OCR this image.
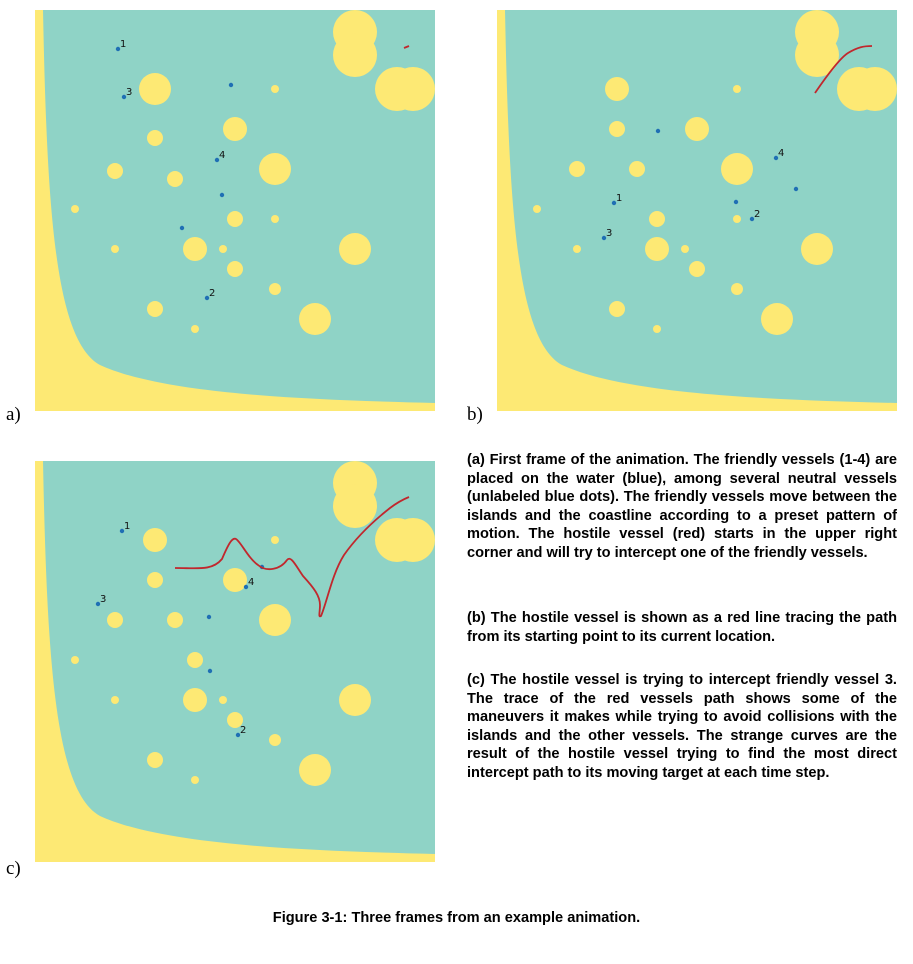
1
3
4
2
a)
1
3
4
2
b)
1
3
4
2
c)

(a) First frame of the animation. The friendly vessels (1-4) are placed on the water (blue), among several neutral vessels (unlabeled blue dots). The friendly vessels move between the islands and the coastline according to a preset pattern of motion. The hostile vessel (red) starts in the upper right corner and will try to intercept one of the friendly vessels.

(b) The hostile vessel is shown as a red line tracing the path from its starting point to its current location.

(c) The hostile vessel is trying to intercept friendly vessel 3. The trace of the red vessels path shows some of the maneuvers it makes while trying to avoid collisions with the islands and the other vessels. The strange curves are the result of the hostile vessel trying to find the most direct intercept path to its moving target at each time step.

Figure 3-1: Three frames from an example animation.
